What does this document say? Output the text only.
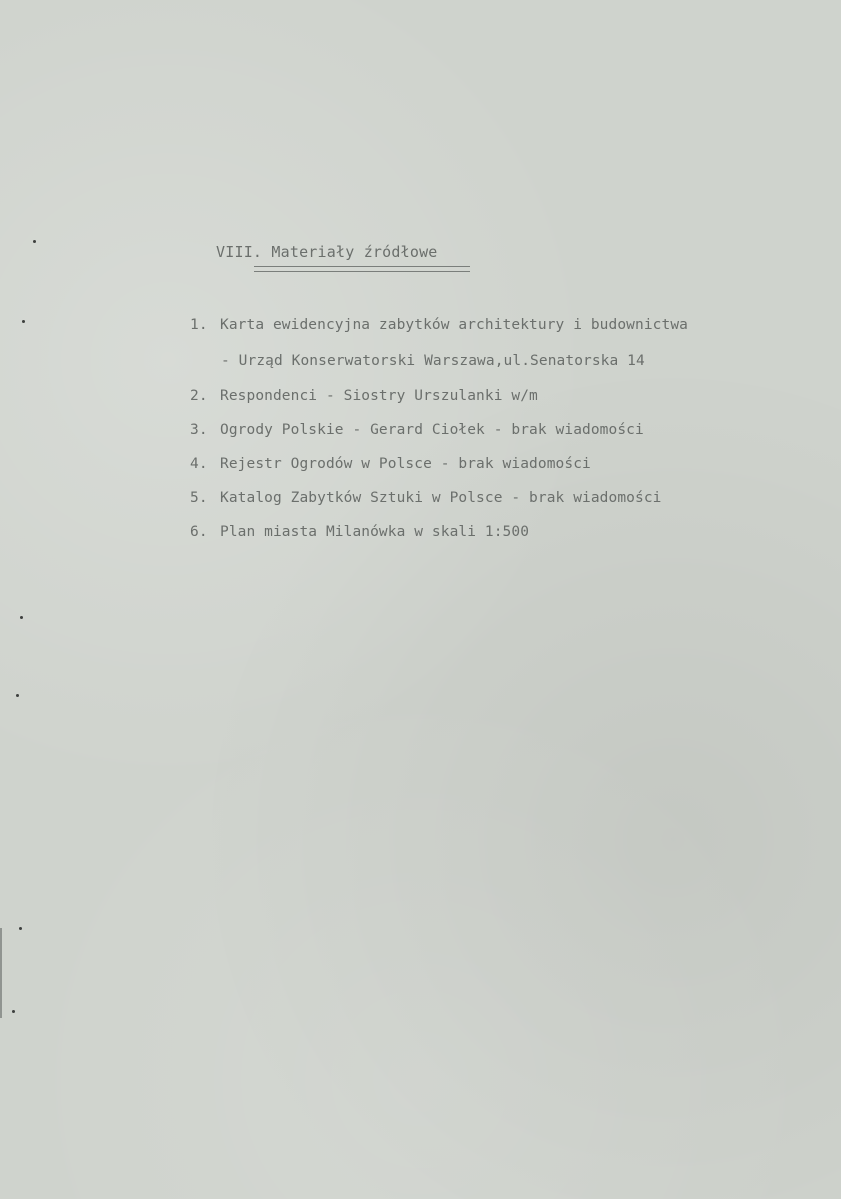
VIII. Materiały źródłowe
1. Karta ewidencyjna zabytków architektury i budownictwa
- Urząd Konserwatorski Warszawa,ul.Senatorska 14
2. Respondenci - Siostry Urszulanki w/m
3. Ogrody Polskie - Gerard Ciołek - brak wiadomości
4. Rejestr Ogrodów w Polsce - brak wiadomości
5. Katalog Zabytków Sztuki w Polsce - brak wiadomości
6. Plan miasta Milanówka w skali 1:500
